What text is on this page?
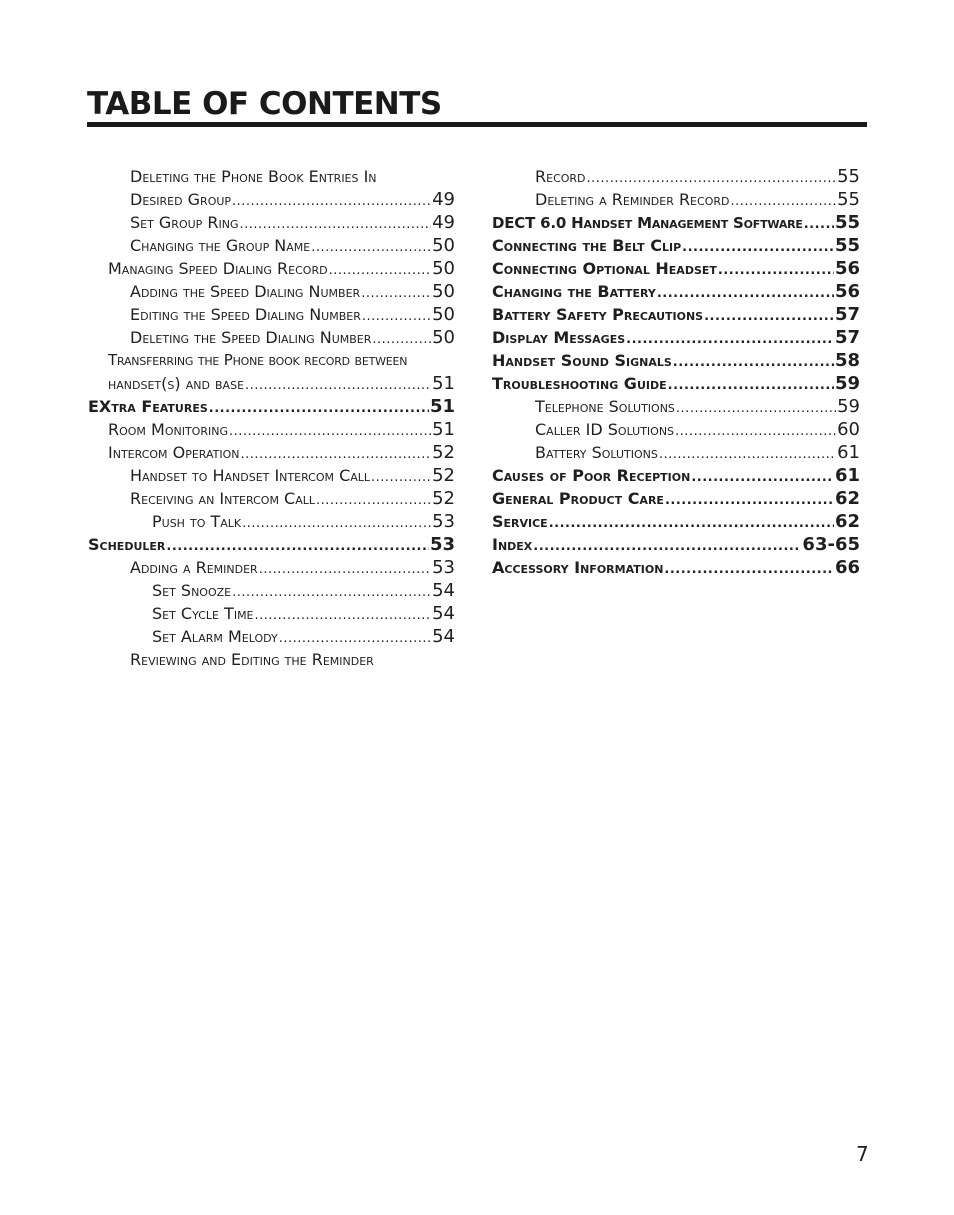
TABLE OF CONTENTS
Deleting the Phone Book Entries In
Desired Group .....	49
Set Group Ring .....	49
Changing the Group Name .....	50
Managing Speed Dialing Record .....	50
Adding the Speed Dialing Number .....	50
Editing the Speed Dialing Number .....	50
Deleting the Speed Dialing Number .....	50
Transferring the Phone book record between
handset(s) and base .....	51
EXtra Features .....	51
Room Monitoring .....	51
Intercom Operation .....	52
Handset to Handset Intercom Call .....	52
Receiving an Intercom Call .....	52
Push to Talk .....	53
Scheduler .....	53
Adding a Reminder .....	53
Set Snooze .....	54
Set Cycle Time .....	54
Set Alarm Melody .....	54
Reviewing and Editing the Reminder
Record .....	55
Deleting a Reminder Record .....	55
DECT 6.0 Handset Management Software ..... 55
Connecting the Belt Clip .....	55
Connecting Optional Headset .....	56
Changing the Battery .....	56
Battery Safety Precautions .....	57
Display Messages .....	57
Handset Sound Signals .....	58
Troubleshooting Guide .....	59
Telephone Solutions .....	59
Caller ID Solutions .....	60
Battery Solutions .....	61
Causes of Poor Reception .....	61
General Product Care .....	62
Service .....	62
Index .....	63-65
Accessory Information .....	66
7
